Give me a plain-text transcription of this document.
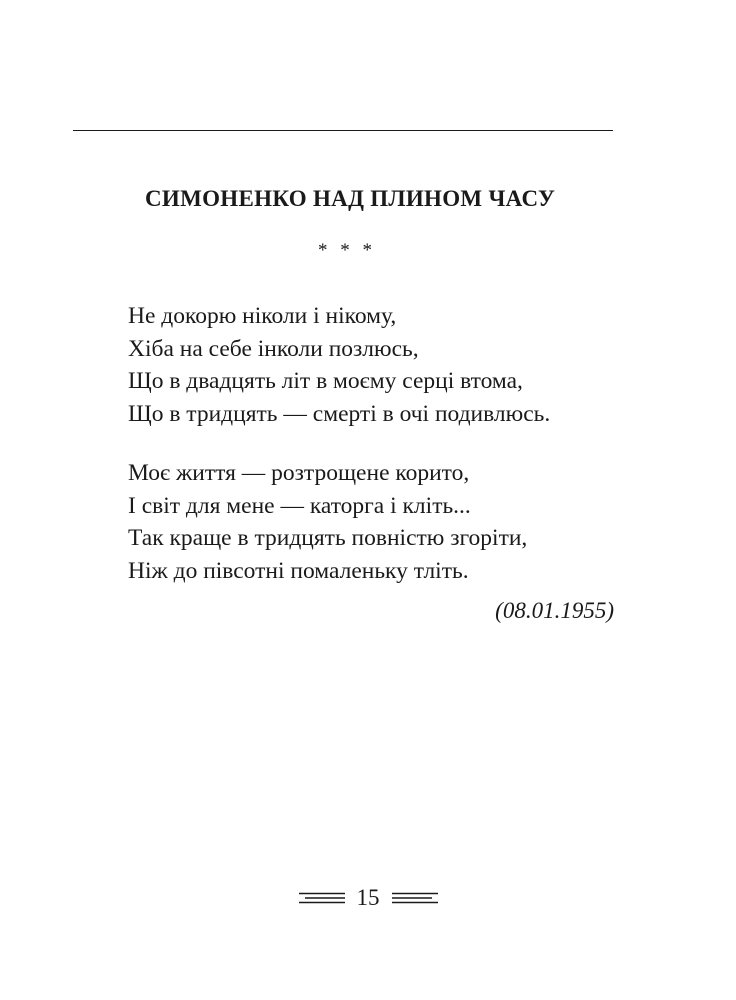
СИМОНЕНКО НАД ПЛИНОМ ЧАСУ
* * *
Не докорю ніколи і нікому,
Хіба на себе інколи позлюсь,
Що в двадцять літ в моєму серці втома,
Що в тридцять — смерті в очі подивлюсь.
Моє життя — розтрощене корито,
І світ для мене — каторга і кліть...
Так краще в тридцять повністю згоріти,
Ніж до півсотні помаленьку тліть.
(08.01.1955)
15
